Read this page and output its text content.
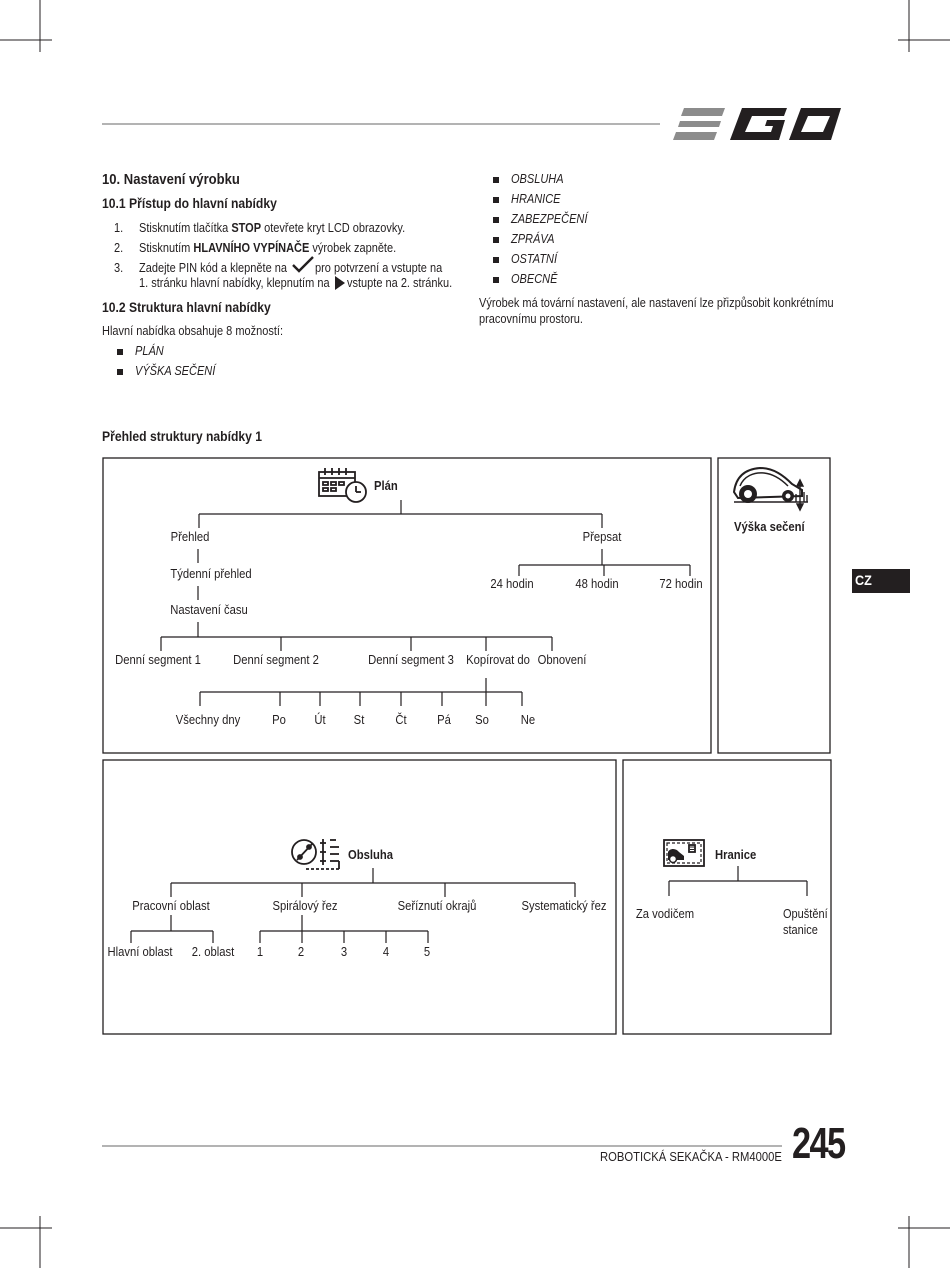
10. Nastavení výrobku
10.1 Přístup do hlavní nabídky
1. Stisknutím tlačítka STOP otevřete kryt LCD obrazovky.
2. Stisknutím HLAVNÍHO VYPÍNAČE výrobek zapněte.
3. Zadejte PIN kód a klepněte na pro potvrzení a vstupte na
1. stránku hlavní nabídky, klepnutím na vstupte na 2. stránku.
10.2 Struktura hlavní nabídky
Hlavní nabídka obsahuje 8 možností:
PLÁN
VÝŠKA SEČENÍ
OBSLUHA
HRANICE
ZABEZPEČENÍ
ZPRÁVA
OSTATNÍ
OBECNĚ
Výrobek má tovární nastavení, ale nastavení lze přizpůsobit konkrétnímu
pracovnímu prostoru.
Přehled struktury nabídky 1
Plán
Přehled
Týdenní přehled
Nastavení času
Přepsat
24 hodin	48 hodin	72 hodin
Denní segment 1	Denní segment 2	Denní segment 3 Kopírovat do Obnovení
Všechny dny	Po Út St Čt Pá So	Ne
Výška sečení
Obsluha
Pracovní oblast	Spirálový řez	Seříznutí okrajů	Systematický řez
Hlavní oblast 2. oblast 1	2	3	4	5
Hranice
Za vodičem	Opuštění
stanice
CZ
ROBOTICKÁ SEKAČKA - RM4000E 245
